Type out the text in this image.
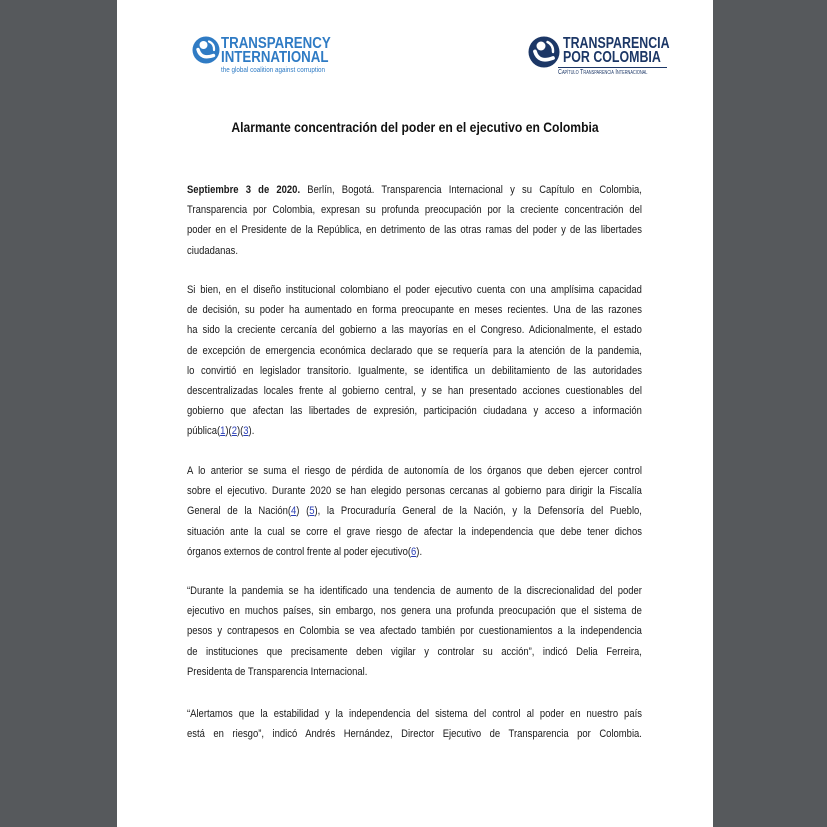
TRANSPARENCY
INTERNATIONAL
the global coalition against corruption
TRANSPARENCIA
POR COLOMBIA
Capítulo Transparencia Internacional
Alarmante concentración del poder en el ejecutivo en Colombia
Septiembre 3 de 2020. Berlín, Bogotá. Transparencia Internacional y su Capítulo en Colombia,
Transparencia por Colombia, expresan su profunda preocupación por la creciente concentración del
poder en el Presidente de la República, en detrimento de las otras ramas del poder y de las libertades
ciudadanas.
Si bien, en el diseño institucional colombiano el poder ejecutivo cuenta con una amplísima capacidad
de decisión, su poder ha aumentado en forma preocupante en meses recientes. Una de las razones
ha sido la creciente cercanía del gobierno a las mayorías en el Congreso. Adicionalmente, el estado
de excepción de emergencia económica declarado que se requería para la atención de la pandemia,
lo convirtió en legislador transitorio. Igualmente, se identifica un debilitamiento de las autoridades
descentralizadas locales frente al gobierno central, y se han presentado acciones cuestionables del
gobierno que afectan las libertades de expresión, participación ciudadana y acceso a información
pública(1)(2)(3).
A lo anterior se suma el riesgo de pérdida de autonomía de los órganos que deben ejercer control
sobre el ejecutivo. Durante 2020 se han elegido personas cercanas al gobierno para dirigir la Fiscalía
General de la Nación(4) (5), la Procuraduría General de la Nación, y la Defensoría del Pueblo,
situación ante la cual se corre el grave riesgo de afectar la independencia que debe tener dichos
órganos externos de control frente al poder ejecutivo(6).
“Durante la pandemia se ha identificado una tendencia de aumento de la discrecionalidad del poder
ejecutivo en muchos países, sin embargo, nos genera una profunda preocupación que el sistema de
pesos y contrapesos en Colombia se vea afectado también por cuestionamientos a la independencia
de instituciones que precisamente deben vigilar y controlar su acción”, indicó Delia Ferreira,
Presidenta de Transparencia Internacional.
“Alertamos que la estabilidad y la independencia del sistema del control al poder en nuestro país
está en riesgo”, indicó Andrés Hernández, Director Ejecutivo de Transparencia por Colombia.
